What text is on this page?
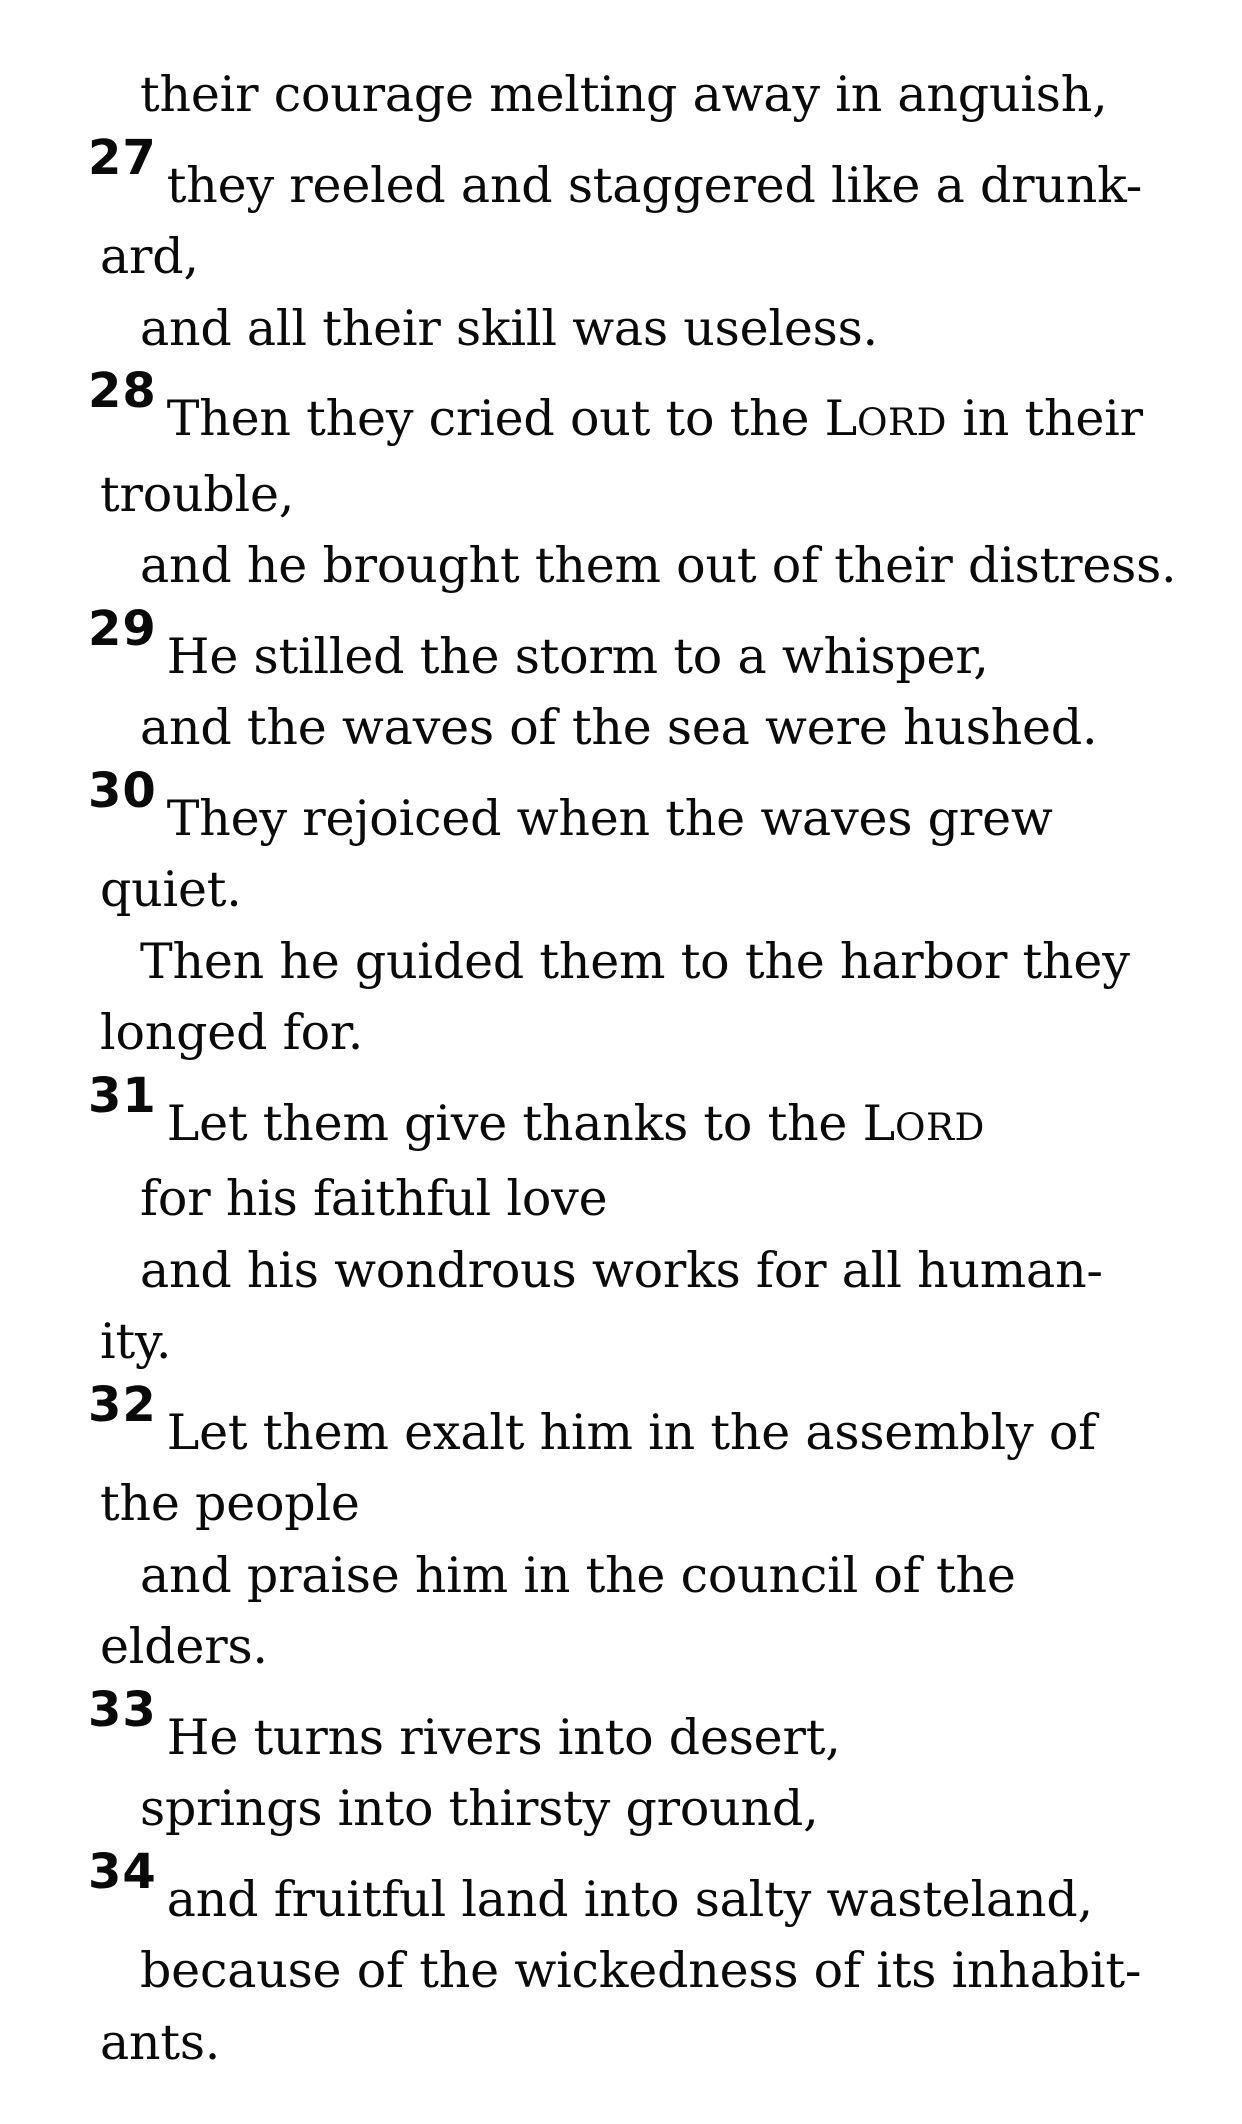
their courage melting away in anguish,
27 they reeled and staggered like a drunk-
ard,
and all their skill was useless.
28 Then they cried out to the LORD in their
trouble,
and he brought them out of their distress.
29 He stilled the storm to a whisper,
and the waves of the sea were hushed.
30 They rejoiced when the waves grew
quiet.
Then he guided them to the harbor they
longed for.
31 Let them give thanks to the LORD
for his faithful love
and his wondrous works for all human-
ity.
32 Let them exalt him in the assembly of
the people
and praise him in the council of the
elders.
33 He turns rivers into desert,
springs into thirsty ground,
34 and fruitful land into salty wasteland,
because of the wickedness of its inhabit-
ants.
